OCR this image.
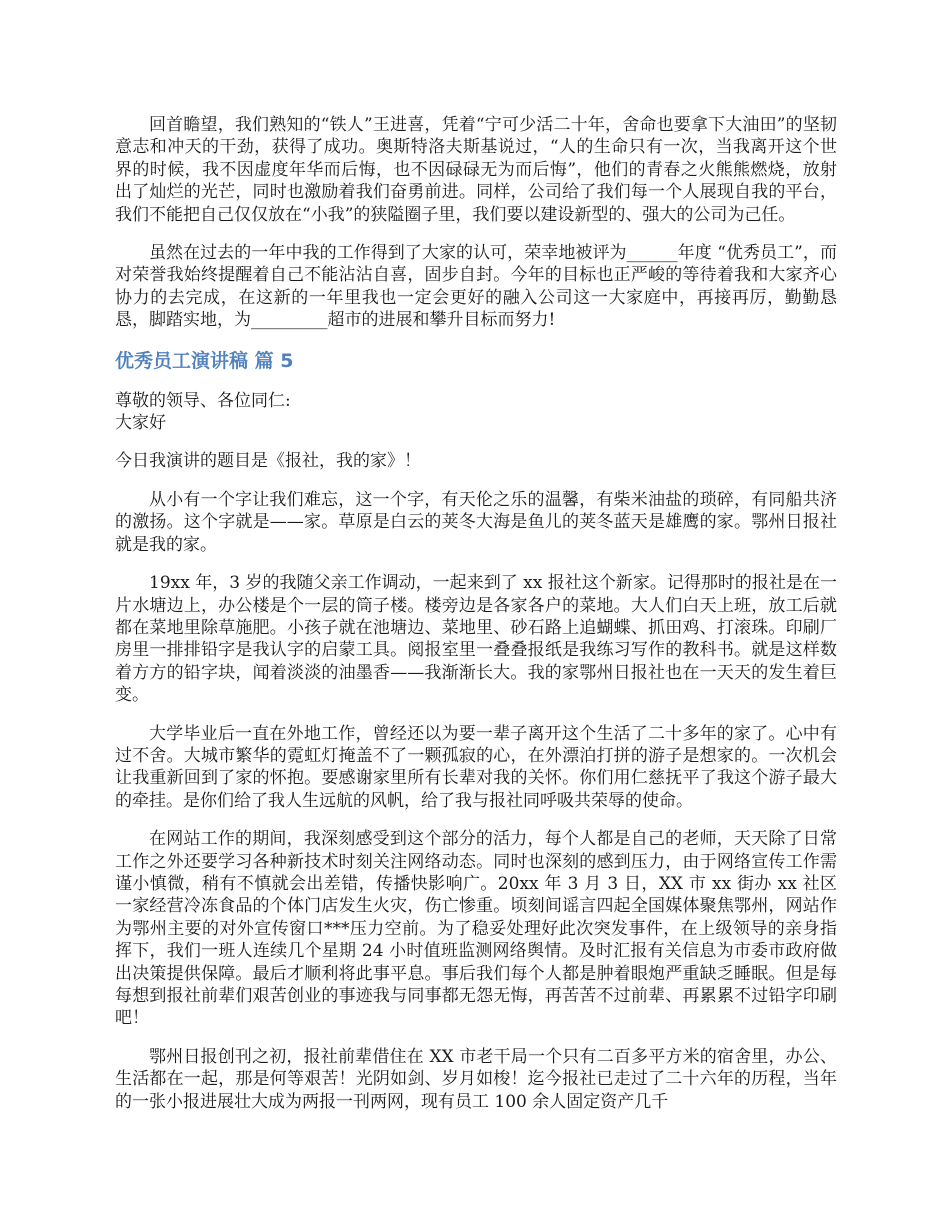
回首瞻望，我们熟知的“铁人”王进喜，凭着“宁可少活二十年，舍命也要拿下大油田”的坚韧意志和冲天的干劲，获得了成功。奥斯特洛夫斯基说过，“人的生命只有一次，当我离开这个世界的时候，我不因虚度年华而后悔，也不因碌碌无为而后悔”，他们的青春之火熊熊燃烧，放射出了灿烂的光芒，同时也激励着我们奋勇前进。同样，公司给了我们每一个人展现自我的平台，我们不能把自己仅仅放在“小我”的狭隘圈子里，我们要以建设新型的、强大的公司为己任。

虽然在过去的一年中我的工作得到了大家的认可，荣幸地被评为______年度 “优秀员工”，而对荣誉我始终提醒着自己不能沾沾自喜，固步自封。今年的目标也正严峻的等待着我和大家齐心协力的去完成，在这新的一年里我也一定会更好的融入公司这一大家庭中，再接再厉，勤勤恳恳，脚踏实地，为_________超市的进展和攀升目标而努力!

优秀员工演讲稿 篇 5

尊敬的领导、各位同仁:

大家好

今日我演讲的题目是《报社，我的家》！

从小有一个字让我们难忘，这一个字，有天伦之乐的温馨，有柴米油盐的琐碎，有同船共济的激扬。这个字就是——家。草原是白云的荚冬大海是鱼儿的荚冬蓝天是雄鹰的家。鄂州日报社就是我的家。

19xx 年，3 岁的我随父亲工作调动，一起来到了 xx 报社这个新家。记得那时的报社是在一片水塘边上，办公楼是个一层的筒子楼。楼旁边是各家各户的菜地。大人们白天上班，放工后就都在菜地里除草施肥。小孩子就在池塘边、菜地里、砂石路上追蝴蝶、抓田鸡、打滚珠。印刷厂房里一排排铅字是我认字的启蒙工具。阅报室里一叠叠报纸是我练习写作的教科书。就是这样数着方方的铅字块，闻着淡淡的油墨香——我渐渐长大。我的家鄂州日报社也在一天天的发生着巨变。

大学毕业后一直在外地工作，曾经还以为要一辈子离开这个生活了二十多年的家了。心中有过不舍。大城市繁华的霓虹灯掩盖不了一颗孤寂的心，在外漂泊打拼的游子是想家的。一次机会让我重新回到了家的怀抱。要感谢家里所有长辈对我的关怀。你们用仁慈抚平了我这个游子最大的牵挂。是你们给了我人生远航的风帆，给了我与报社同呼吸共荣辱的使命。

在网站工作的期间，我深刻感受到这个部分的活力，每个人都是自己的老师，天天除了日常工作之外还要学习各种新技术时刻关注网络动态。同时也深刻的感到压力，由于网络宣传工作需谨小慎微，稍有不慎就会出差错，传播快影响广。20xx 年 3 月 3 日，XX 市 xx 街办 xx 社区一家经营冷冻食品的个体门店发生火灾，伤亡惨重。顷刻间谣言四起全国媒体聚焦鄂州，网站作为鄂州主要的对外宣传窗口***压力空前。为了稳妥处理好此次突发事件，在上级领导的亲身指挥下，我们一班人连续几个星期 24 小时值班监测网络舆情。及时汇报有关信息为市委市政府做出决策提供保障。最后才顺利将此事平息。事后我们每个人都是肿着眼炮严重缺乏睡眠。但是每每想到报社前辈们艰苦创业的事迹我与同事都无怨无悔，再苦苦不过前辈、再累累不过铅字印刷吧！

鄂州日报创刊之初，报社前辈借住在 XX 市老干局一个只有二百多平方米的宿舍里，办公、生活都在一起，那是何等艰苦！光阴如剑、岁月如梭！迄今报社已走过了二十六年的历程，当年的一张小报进展壮大成为两报一刊两网，现有员工 100 余人固定资产几千
